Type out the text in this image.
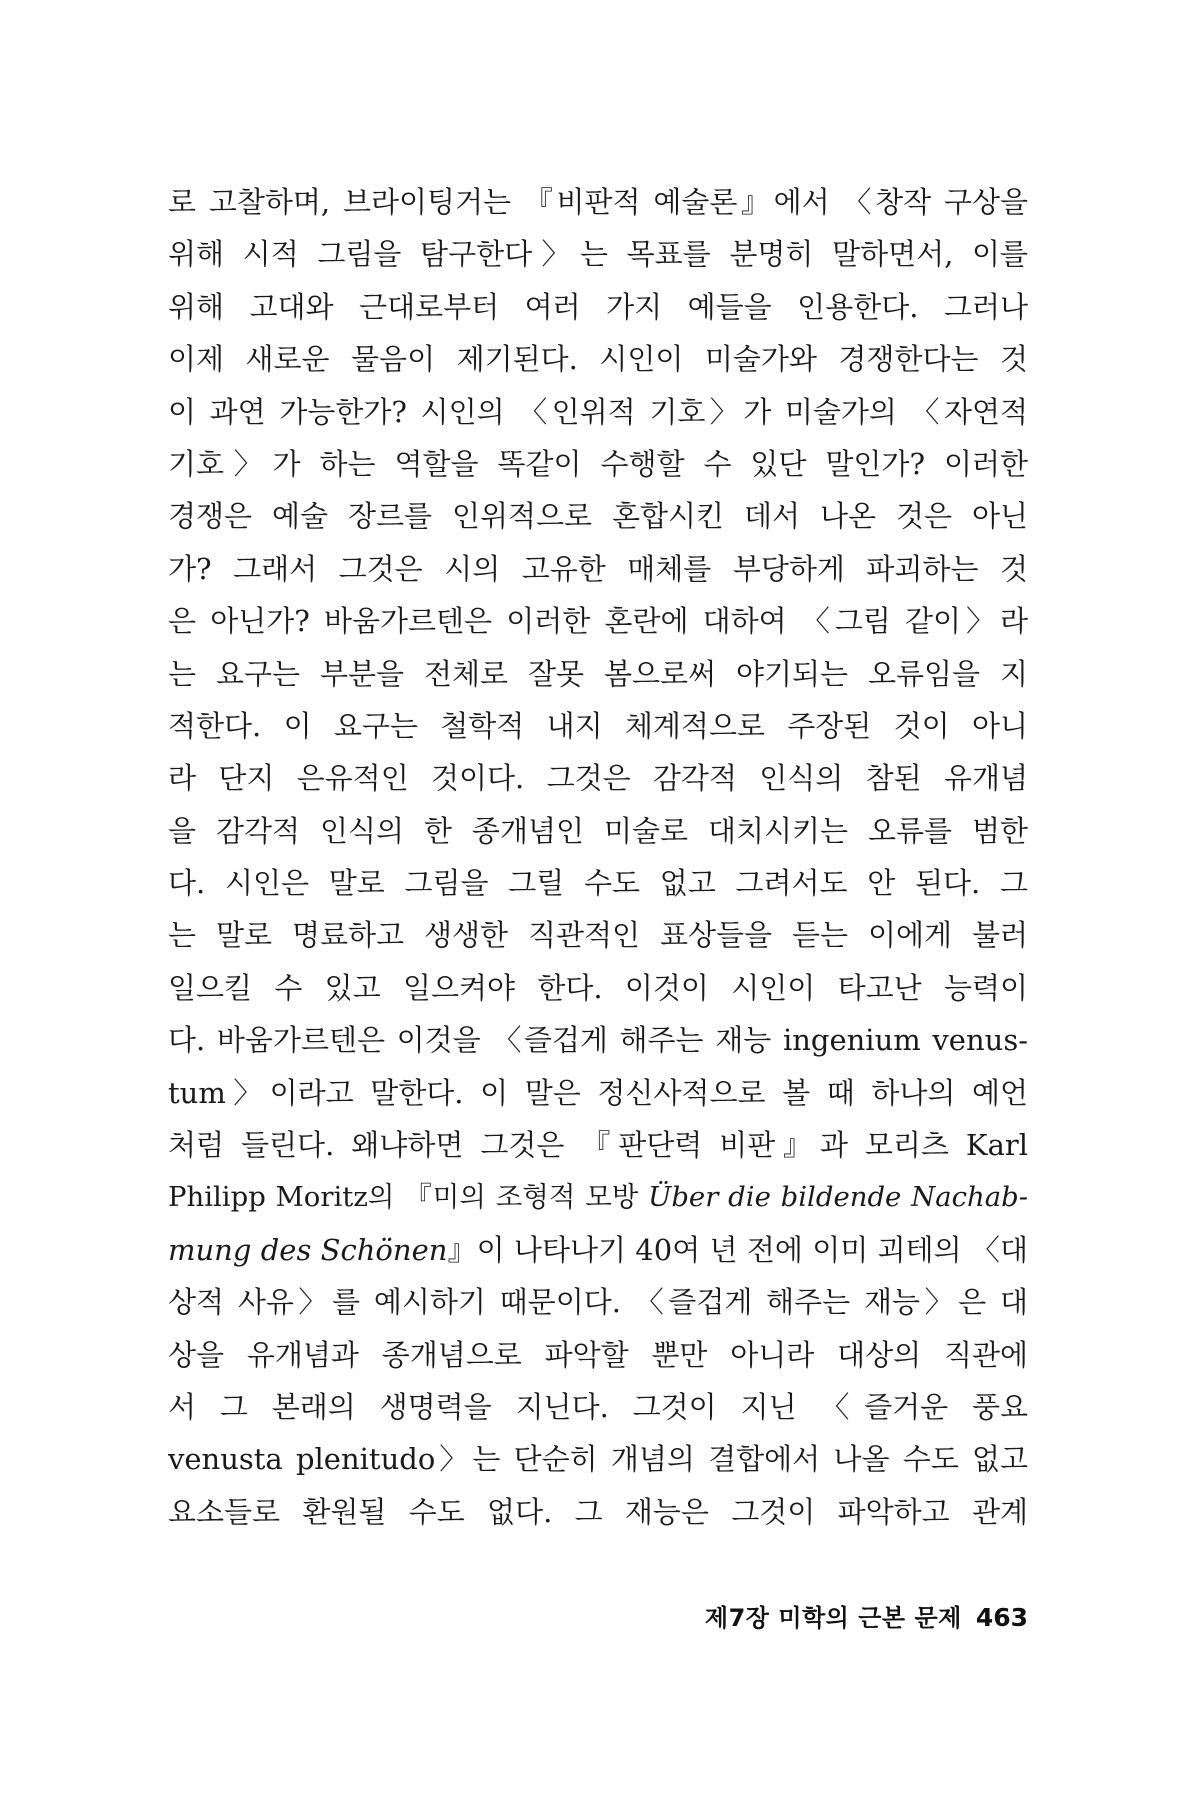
로 고찰하며, 브라이팅거는 『비판적 예술론』에서 〈창작 구상을
위해 시적 그림을 탐구한다〉는 목표를 분명히 말하면서, 이를
위해 고대와 근대로부터 여러 가지 예들을 인용한다. 그러나
이제 새로운 물음이 제기된다. 시인이 미술가와 경쟁한다는 것
이 과연 가능한가? 시인의 〈인위적 기호〉가 미술가의 〈자연적
기호〉가 하는 역할을 똑같이 수행할 수 있단 말인가? 이러한
경쟁은 예술 장르를 인위적으로 혼합시킨 데서 나온 것은 아닌
가? 그래서 그것은 시의 고유한 매체를 부당하게 파괴하는 것
은 아닌가? 바움가르텐은 이러한 혼란에 대하여 〈그림 같이〉라
는 요구는 부분을 전체로 잘못 봄으로써 야기되는 오류임을 지
적한다. 이 요구는 철학적 내지 체계적으로 주장된 것이 아니
라 단지 은유적인 것이다. 그것은 감각적 인식의 참된 유개념
을 감각적 인식의 한 종개념인 미술로 대치시키는 오류를 범한
다. 시인은 말로 그림을 그릴 수도 없고 그려서도 안 된다. 그
는 말로 명료하고 생생한 직관적인 표상들을 듣는 이에게 불러
일으킬 수 있고 일으켜야 한다. 이것이 시인이 타고난 능력이
다. 바움가르텐은 이것을 〈즐겁게 해주는 재능 ingenium venus-
tum〉이라고 말한다. 이 말은 정신사적으로 볼 때 하나의 예언
처럼 들린다. 왜냐하면 그것은 『판단력 비판』과 모리츠 Karl
Philipp Moritz의 『미의 조형적 모방 Über die bildende Nachab-
mung des Schönen』이 나타나기 40여 년 전에 이미 괴테의 〈대
상적 사유〉를 예시하기 때문이다. 〈즐겁게 해주는 재능〉은 대
상을 유개념과 종개념으로 파악할 뿐만 아니라 대상의 직관에
서 그 본래의 생명력을 지닌다. 그것이 지닌 〈즐거운 풍요
venusta plenitudo〉는 단순히 개념의 결합에서 나올 수도 없고
요소들로 환원될 수도 없다. 그 재능은 그것이 파악하고 관계
제7장 미학의 근본 문제 463
